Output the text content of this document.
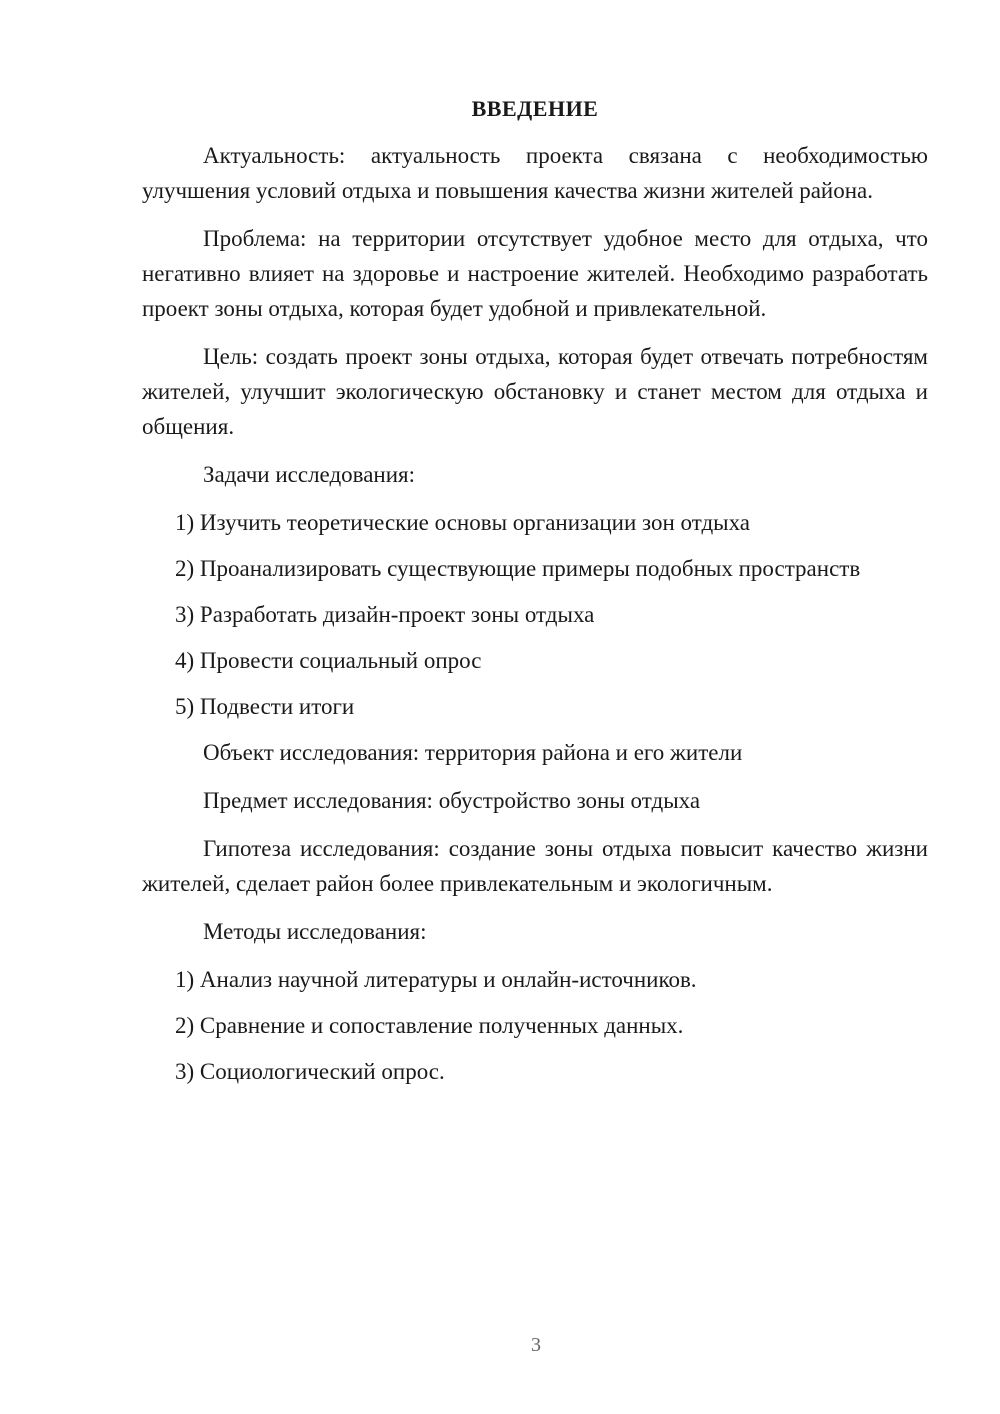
ВВЕДЕНИЕ

Актуальность: актуальность проекта связана с необходимостью улучшения условий отдыха и повышения качества жизни жителей района.

Проблема: на территории отсутствует удобное место для отдыха, что негативно влияет на здоровье и настроение жителей. Необходимо разработать проект зоны отдыха, которая будет удобной и привлекательной.

Цель: создать проект зоны отдыха, которая будет отвечать потребностям жителей, улучшит экологическую обстановку и станет местом для отдыха и общения.

Задачи исследования:

1) Изучить теоретические основы организации зон отдыха
2) Проанализировать существующие примеры подобных пространств
3) Разработать дизайн-проект зоны отдыха
4) Провести социальный опрос
5) Подвести итоги

Объект исследования: территория района и его жители

Предмет исследования: обустройство зоны отдыха

Гипотеза исследования: создание зоны отдыха повысит качество жизни жителей, сделает район более привлекательным и экологичным.

Методы исследования:

1) Анализ научной литературы и онлайн-источников.
2) Сравнение и сопоставление полученных данных.
3) Социологический опрос.
3
